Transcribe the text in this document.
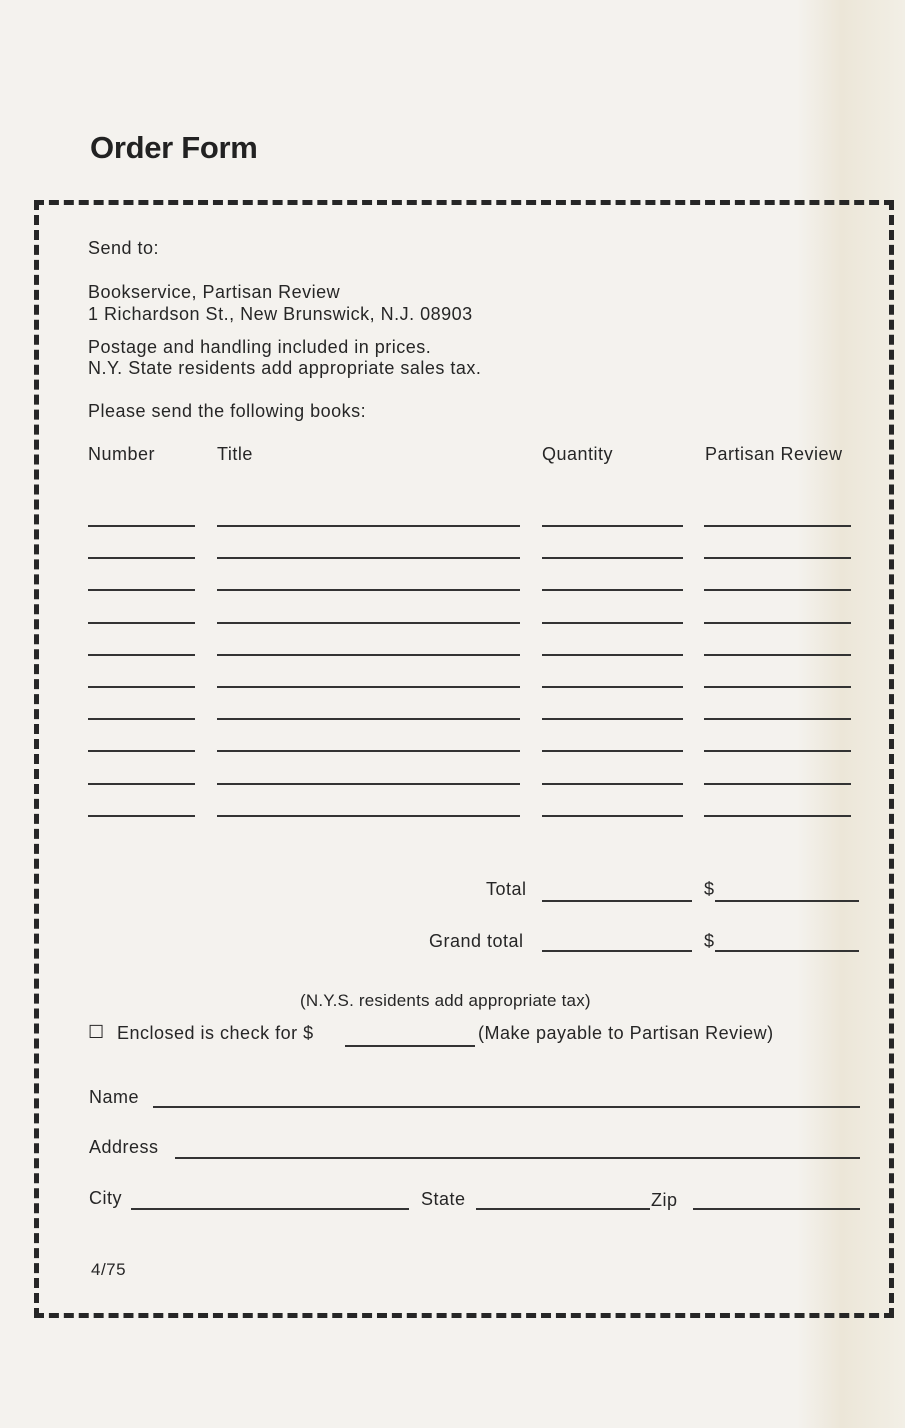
Order Form
Send to:
Bookservice, Partisan Review
1 Richardson St., New Brunswick, N.J. 08903
Postage and handling included in prices.
N.Y. State residents add appropriate sales tax.
Please send the following books:
Number	Title	Quantity	Partisan Review
Total	$
Grand total	$
(N.Y.S. residents add appropriate tax)
☐ Enclosed is check for $	(Make payable to Partisan Review)
Name
Address
City	State	Zip
4/75
